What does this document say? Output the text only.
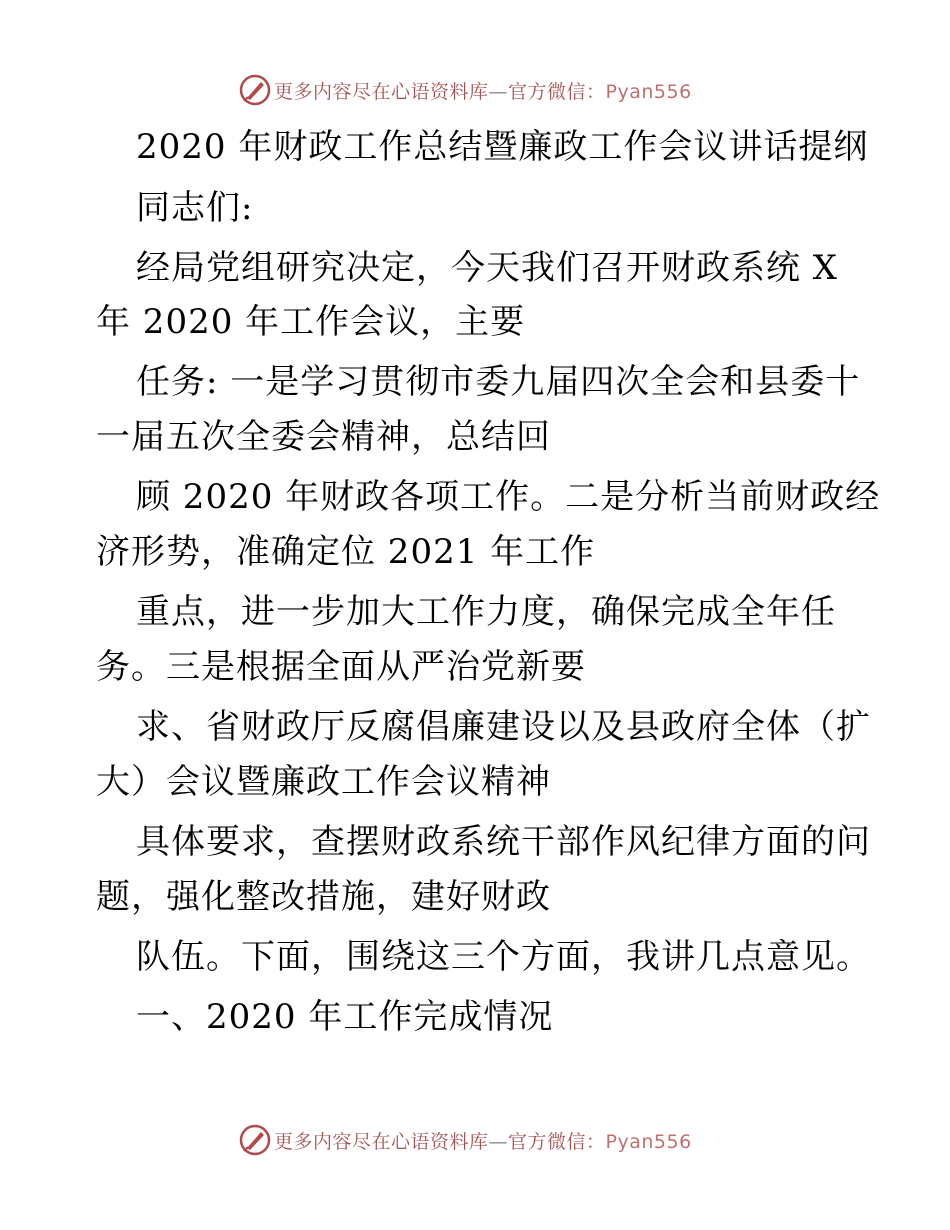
更多内容尽在心语资料库—官方微信：Pyan556
2020 年财政工作总结暨廉政工作会议讲话提纲
同志们:
经局党组研究决定，今天我们召开财政系统 X
年 2020 年工作会议，主要
任务: 一是学习贯彻市委九届四次全会和县委十
一届五次全委会精神，总结回
顾 2020 年财政各项工作。二是分析当前财政经
济形势，准确定位 2021 年工作
重点，进一步加大工作力度，确保完成全年任
务。三是根据全面从严治党新要
求、省财政厅反腐倡廉建设以及县政府全体（扩
大）会议暨廉政工作会议精神
具体要求，查摆财政系统干部作风纪律方面的问
题，强化整改措施，建好财政
队伍。下面，围绕这三个方面，我讲几点意见。
一、2020 年工作完成情况
更多内容尽在心语资料库—官方微信：Pyan556
